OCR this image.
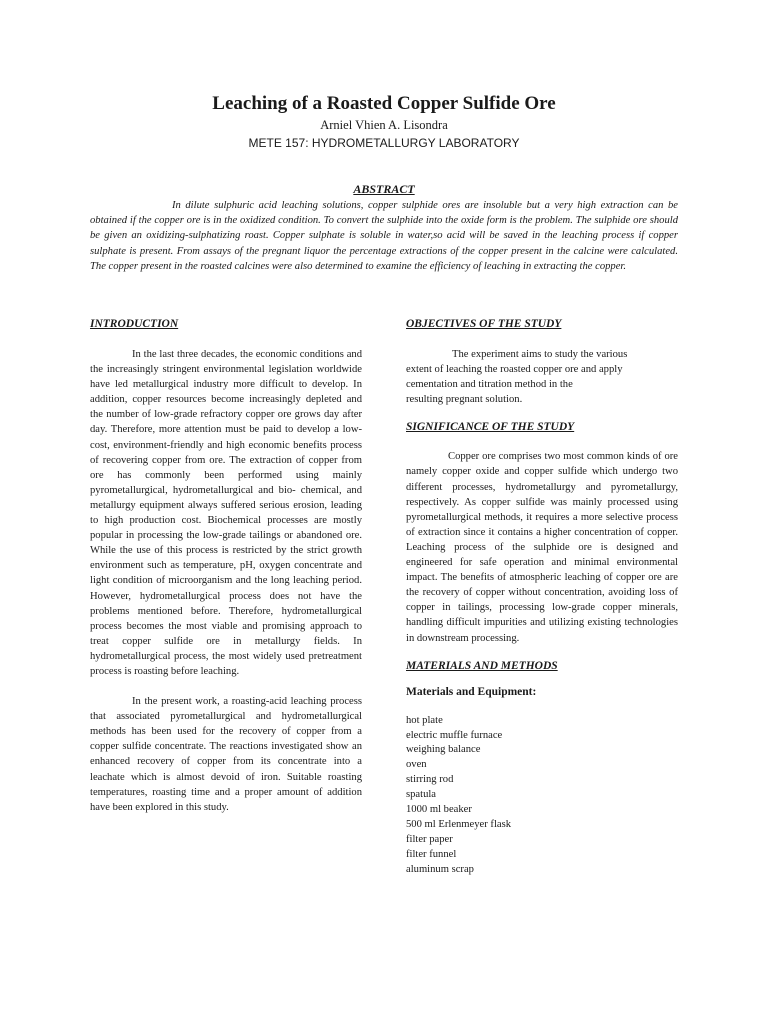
Leaching of a Roasted Copper Sulfide Ore
Arniel Vhien A. Lisondra
METE 157: HYDROMETALLURGY LABORATORY
ABSTRACT

In dilute sulphuric acid leaching solutions, copper sulphide ores are insoluble but a very high extraction can be obtained if the copper ore is in the oxidized condition. To convert the sulphide into the oxide form is the problem. The sulphide ore should be given an oxidizing-sulphatizing roast. Copper sulphate is soluble in water,so acid will be saved in the leaching process if copper sulphate is present. From assays of the pregnant liquor the percentage extractions of the copper present in the calcine were calculated. The copper present in the roasted calcines were also determined to examine the efficiency of leaching in extracting the copper.

INTRODUCTION

In the last three decades, the economic conditions and the increasingly stringent environmental legislation worldwide have led metallurgical industry more difficult to develop. In addition, copper resources become increasingly depleted and the number of low-grade refractory copper ore grows day after day. Therefore, more attention must be paid to develop a low-cost, environment-friendly and high economic benefits process of recovering copper from ore. The extraction of copper from ore has commonly been performed using mainly pyrometallurgical, hydrometallurgical and bio- chemical, and metallurgy equipment always suffered serious erosion, leading to high production cost. Biochemical processes are mostly popular in processing the low-grade tailings or abandoned ore. While the use of this process is restricted by the strict growth environment such as temperature, pH, oxygen concentrate and light condition of microorganism and the long leaching period. However, hydrometallurgical process does not have the problems mentioned before. Therefore, hydrometallurgical process becomes the most viable and promising approach to treat copper sulfide ore in metallurgy fields. In hydrometallurgical process, the most widely used pretreatment process is roasting before leaching.

In the present work, a roasting-acid leaching process that associated pyrometallurgical and hydrometallurgical methods has been used for the recovery of copper from a copper sulfide concentrate. The reactions investigated show an enhanced recovery of copper from its concentrate into a leachate which is almost devoid of iron. Suitable roasting temperatures, roasting time and a proper amount of addition have been explored in this study.

OBJECTIVES OF THE STUDY
The experiment aims to study the various
extent of leaching the roasted copper ore and apply
cementation and titration method in the
resulting pregnant solution.
SIGNIFICANCE OF THE STUDY

Copper ore comprises two most common kinds of ore namely copper oxide and copper sulfide which undergo two different processes, hydrometallurgy and pyrometallurgy, respectively. As copper sulfide was mainly processed using pyrometallurgical methods, it requires a more selective process of extraction since it contains a higher concentration of copper. Leaching process of the sulphide ore is designed and engineered for safe operation and minimal environmental impact. The benefits of atmospheric leaching of copper ore are the recovery of copper without concentration, avoiding loss of copper in tailings, processing low-grade copper minerals, handling difficult impurities and utilizing existing technologies in downstream processing.

MATERIALS AND METHODS
Materials and Equipment:
hot plate
electric muffle furnace
weighing balance
oven
stirring rod
spatula
1000 ml beaker
500 ml Erlenmeyer flask
filter paper
filter funnel
aluminum scrap
